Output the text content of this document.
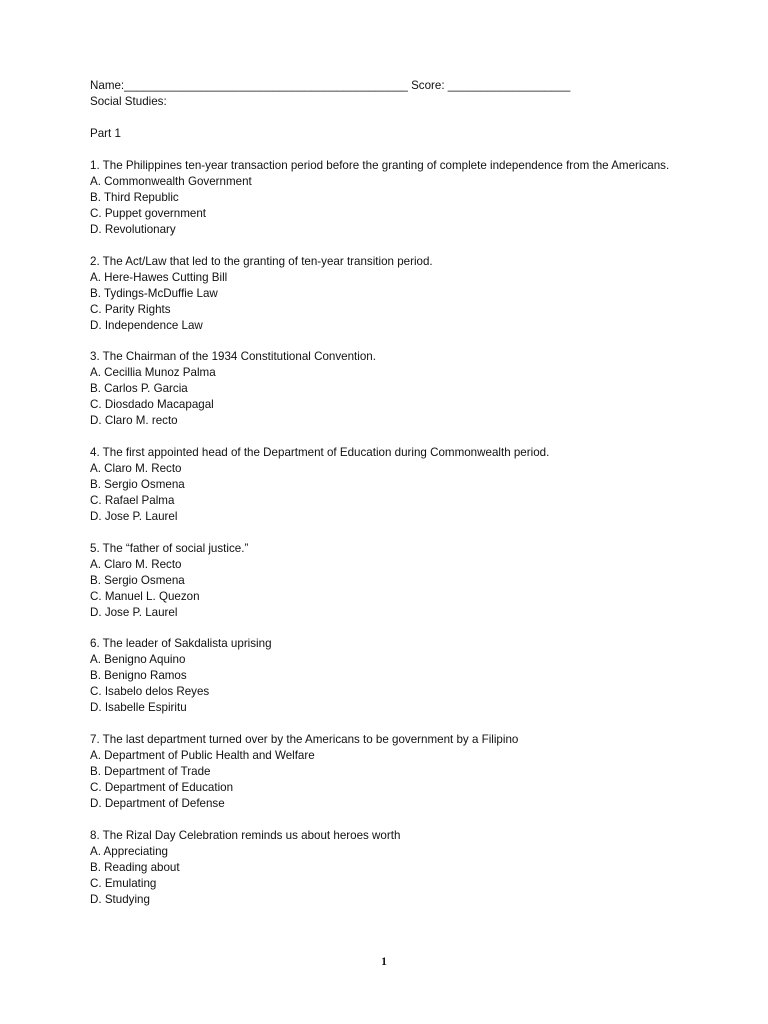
Name:____________________________________________ Score: ___________________
Social Studies:
Part 1
1. The Philippines ten-year transaction period before the granting of complete independence from the Americans.
A. Commonwealth Government
B. Third Republic
C. Puppet government
D. Revolutionary
2. The Act/Law that led to the granting of ten-year transition period.
A. Here-Hawes Cutting Bill
B. Tydings-McDuffie Law
C. Parity Rights
D. Independence Law
3. The Chairman of the 1934 Constitutional Convention.
A. Cecillia Munoz Palma
B. Carlos P. Garcia
C. Diosdado Macapagal
D. Claro M. recto
4. The first appointed head of the Department of Education during Commonwealth period.
A. Claro M. Recto
B. Sergio Osmena
C. Rafael Palma
D. Jose P. Laurel
5. The “father of social justice.”
A. Claro M. Recto
B. Sergio Osmena
C. Manuel L. Quezon
D. Jose P. Laurel
6. The leader of Sakdalista uprising
A. Benigno Aquino
B. Benigno Ramos
C. Isabelo delos Reyes
D. Isabelle Espiritu
7. The last department turned over by the Americans to be government by a Filipino
A. Department of Public Health and Welfare
B. Department of Trade
C. Department of Education
D. Department of Defense
8. The Rizal Day Celebration reminds us about heroes worth
A. Appreciating
B. Reading about
C. Emulating
D. Studying
1
